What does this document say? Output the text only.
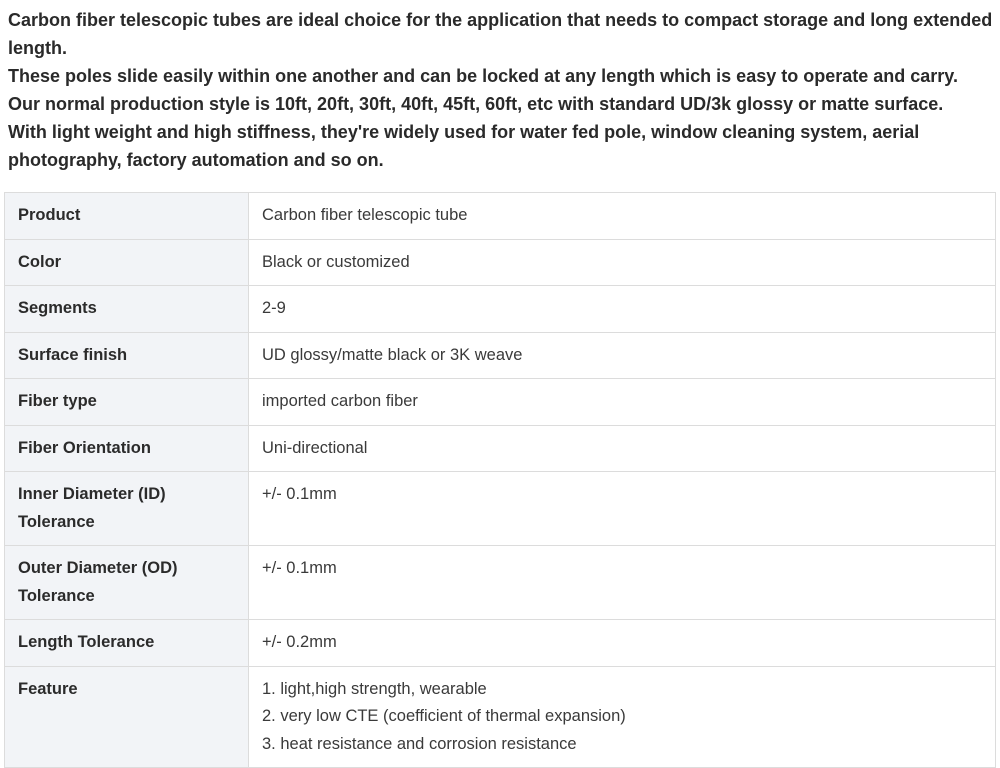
Carbon fiber telescopic tubes are ideal choice for the application that needs to compact storage and long extended length.

These poles slide easily within one another and can be locked at any length which is easy to operate and carry.

Our normal production style is 10ft, 20ft, 30ft, 40ft, 45ft, 60ft, etc with standard UD/3k glossy or matte surface.

With light weight and high stiffness, they're widely used for water fed pole, window cleaning system, aerial photography, factory automation and so on.

Product	Carbon fiber telescopic tube
Color	Black or customized
Segments	2-9
Surface finish	UD glossy/matte black or 3K weave
Fiber type	imported carbon fiber
Fiber Orientation	Uni-directional
Inner Diameter (ID) Tolerance	+/- 0.1mm
Outer Diameter (OD) Tolerance	+/- 0.1mm
Length Tolerance	+/- 0.2mm
Feature	1. light,high strength, wearable
2. very low CTE (coefficient of thermal expansion)
3. heat resistance and corrosion resistance
